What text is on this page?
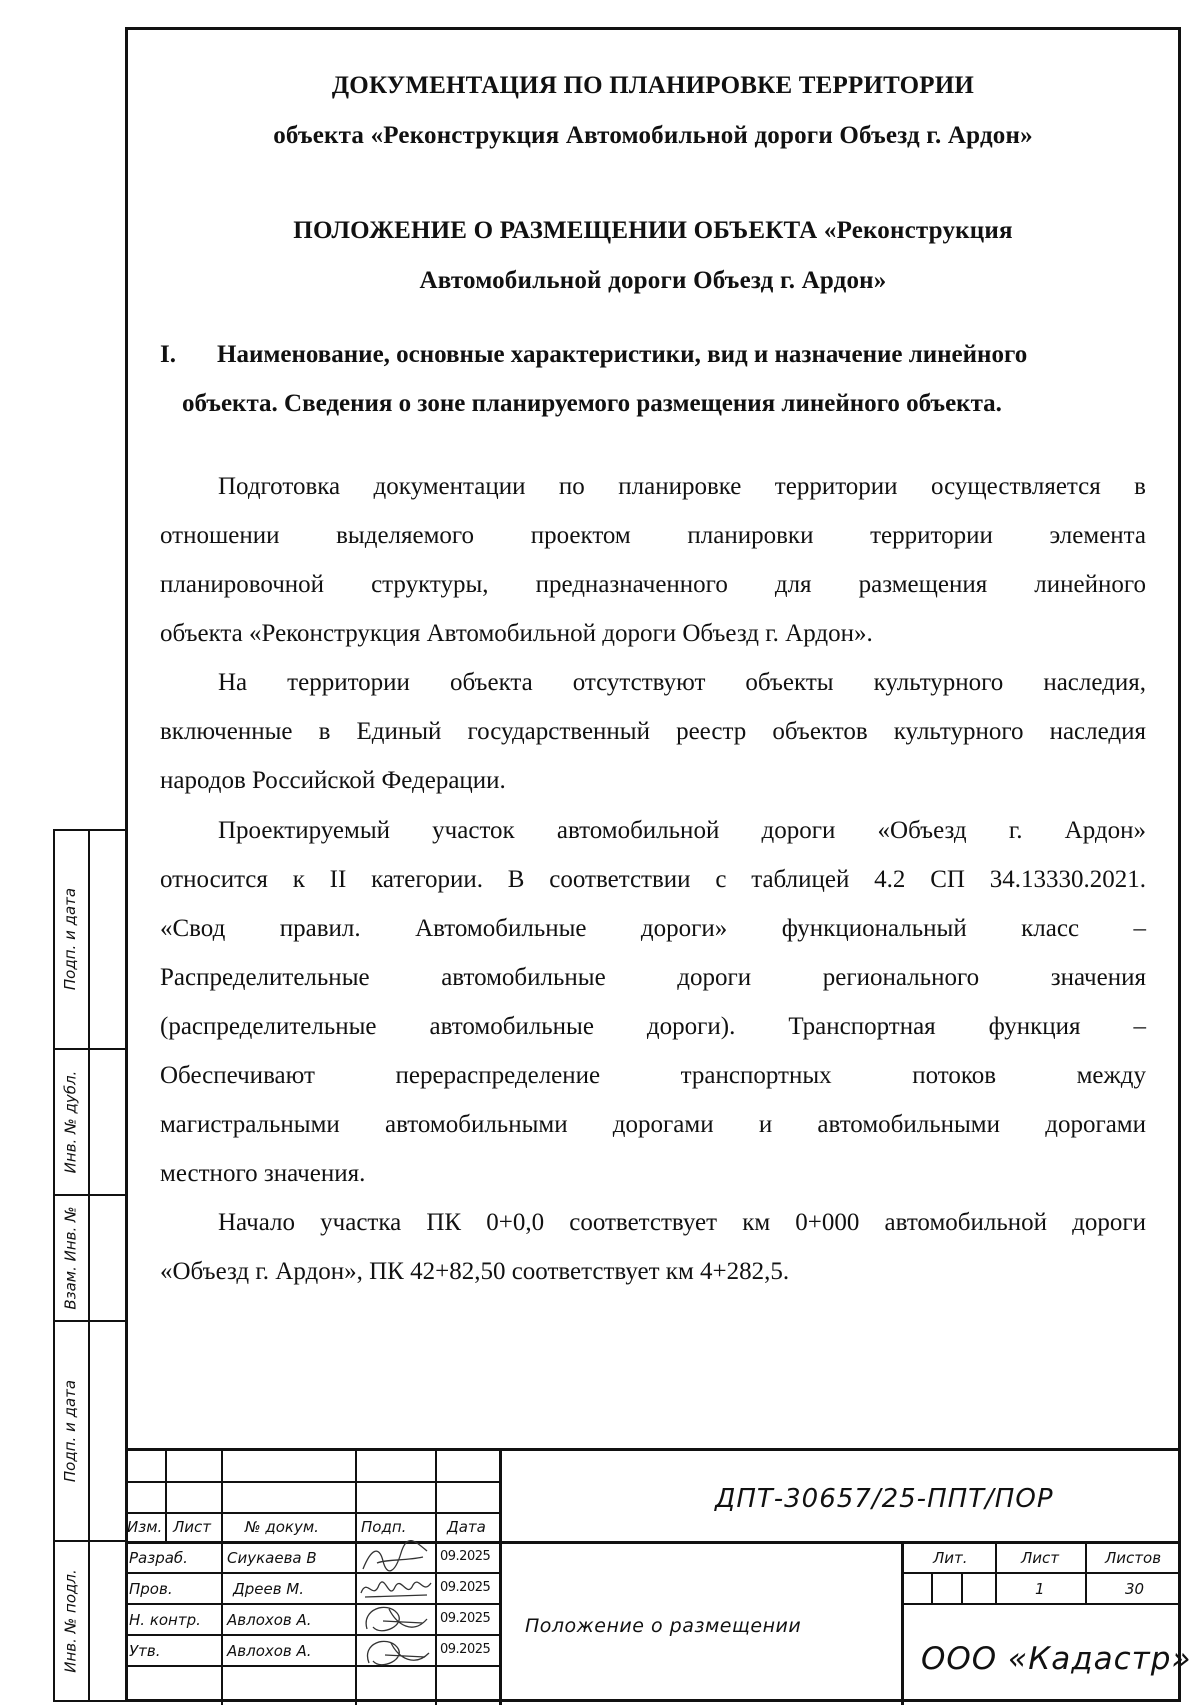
Подп. и дата
Инв. № дубл.
Взам. Инв. №
Подп. и дата
Инв. № подл.
ДОКУМЕНТАЦИЯ ПО ПЛАНИРОВКЕ ТЕРРИТОРИИ
объекта «Реконструкция Автомобильной дороги Объезд г. Ардон»
ПОЛОЖЕНИЕ О РАЗМЕЩЕНИИ ОБЪЕКТА «Реконструкция
Автомобильной дороги Объезд г. Ардон»
I. Наименование, основные характеристики, вид и назначение линейного
объекта. Сведения о зоне планируемого размещения линейного объекта.
Подготовка документации по планировке территории осуществляется в
отношении выделяемого проектом планировки территории элемента
планировочной структуры, предназначенного для размещения линейного
объекта «Реконструкция Автомобильной дороги Объезд г. Ардон».
На территории объекта отсутствуют объекты культурного наследия,
включенные в Единый государственный реестр объектов культурного наследия
народов Российской Федерации.
Проектируемый участок автомобильной дороги «Объезд г. Ардон»
относится к II категории. В соответствии с таблицей 4.2 СП 34.13330.2021.
«Свод правил. Автомобильные дороги» функциональный класс –
Распределительные автомобильные дороги регионального значения
(распределительные автомобильные дороги). Транспортная функция –
Обеспечивают перераспределение транспортных потоков между
магистральными автомобильными дорогами и автомобильными дорогами
местного значения.
Начало участка ПК 0+0,0 соответствует км 0+000 автомобильной дороги
«Объезд г. Ардон», ПК 42+82,50 соответствует км 4+282,5.
ДПТ-30657/25-ППТ/ПОР
Изм. Лист № докум.	Подп.	Дата
Разраб.	Сиукаева В	09.2025
Пров.	Дреев М.	09.2025
Н. контр. Авлохов А.	09.2025
Утв.	Авлохов А.	09.2025
Положение о размещении
Лит.	Лист	Листов
1	30
ООО «Кадастр»
